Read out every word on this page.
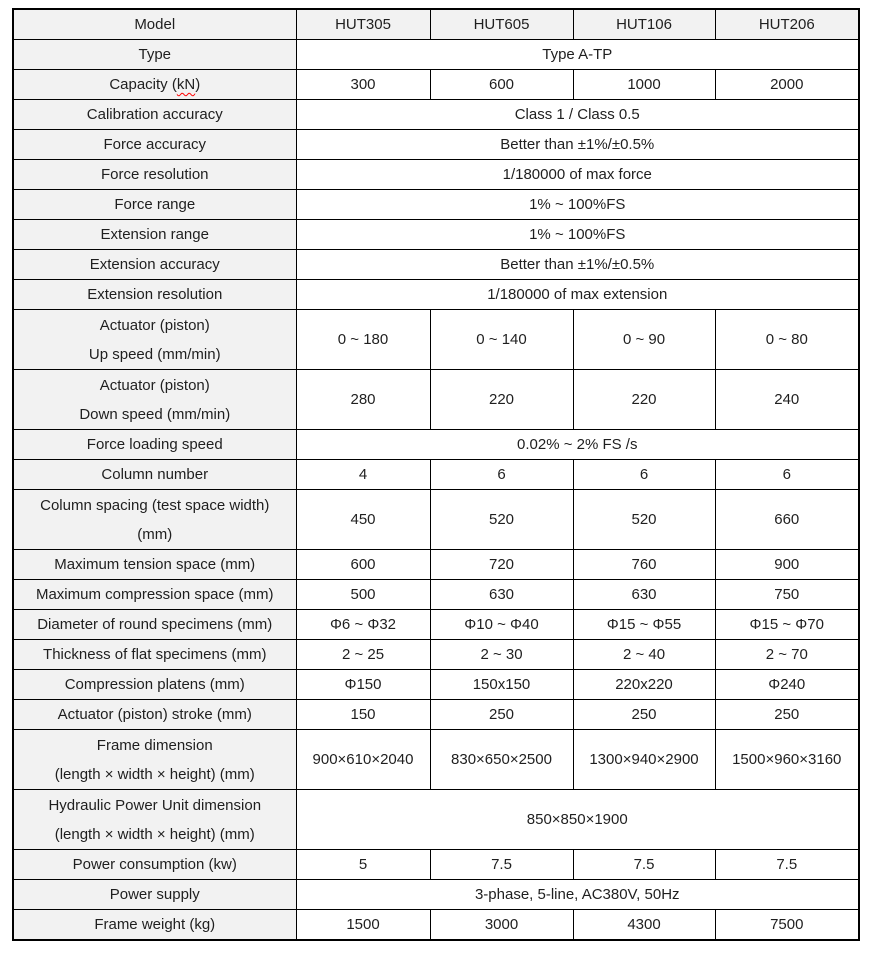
Model	HUT305	HUT605	HUT106	HUT206

Type	Type A-TP			

Capacity (kN)	300	600	1000	2000

Calibration accuracy	Class 1 / Class 0.5			

Force accuracy	Better than ±1%/±0.5%			

Force resolution	1/180000 of max force			

Force range	1% ~ 100%FS			

Extension range	1% ~ 100%FS			

Extension accuracy	Better than ±1%/±0.5%			

Extension resolution	1/180000 of max extension			

Actuator (piston)
Up speed (mm/min)	0 ~ 180	0 ~ 140	0 ~ 90	0 ~ 80

Actuator (piston)
Down speed (mm/min)	280	220	220	240

Force loading speed	0.02% ~ 2% FS /s			

Column number	4	6	6	6

Column spacing (test space width)
(mm)	450	520	520	660

Maximum tension space (mm)	600	720	760	900

Maximum compression space (mm)	500	630	630	750

Diameter of round specimens (mm)	Φ6 ~ Φ32	Φ10 ~ Φ40	Φ15 ~ Φ55	Φ15 ~ Φ70

Thickness of flat specimens (mm)	2 ~ 25	2 ~ 30	2 ~ 40	2 ~ 70

Compression platens (mm)	Φ150	150x150	220x220	Φ240

Actuator (piston) stroke (mm)	150	250	250	250

Frame dimension
(length × width × height) (mm)	900×610×2040	830×650×2500	1300×940×2900	1500×960×3160

Hydraulic Power Unit dimension
(length × width × height) (mm)	850×850×1900			

Power consumption (kw)	5	7.5	7.5	7.5

Power supply	3-phase, 5-line, AC380V, 50Hz			

Frame weight (kg)	1500	3000	4300	7500
